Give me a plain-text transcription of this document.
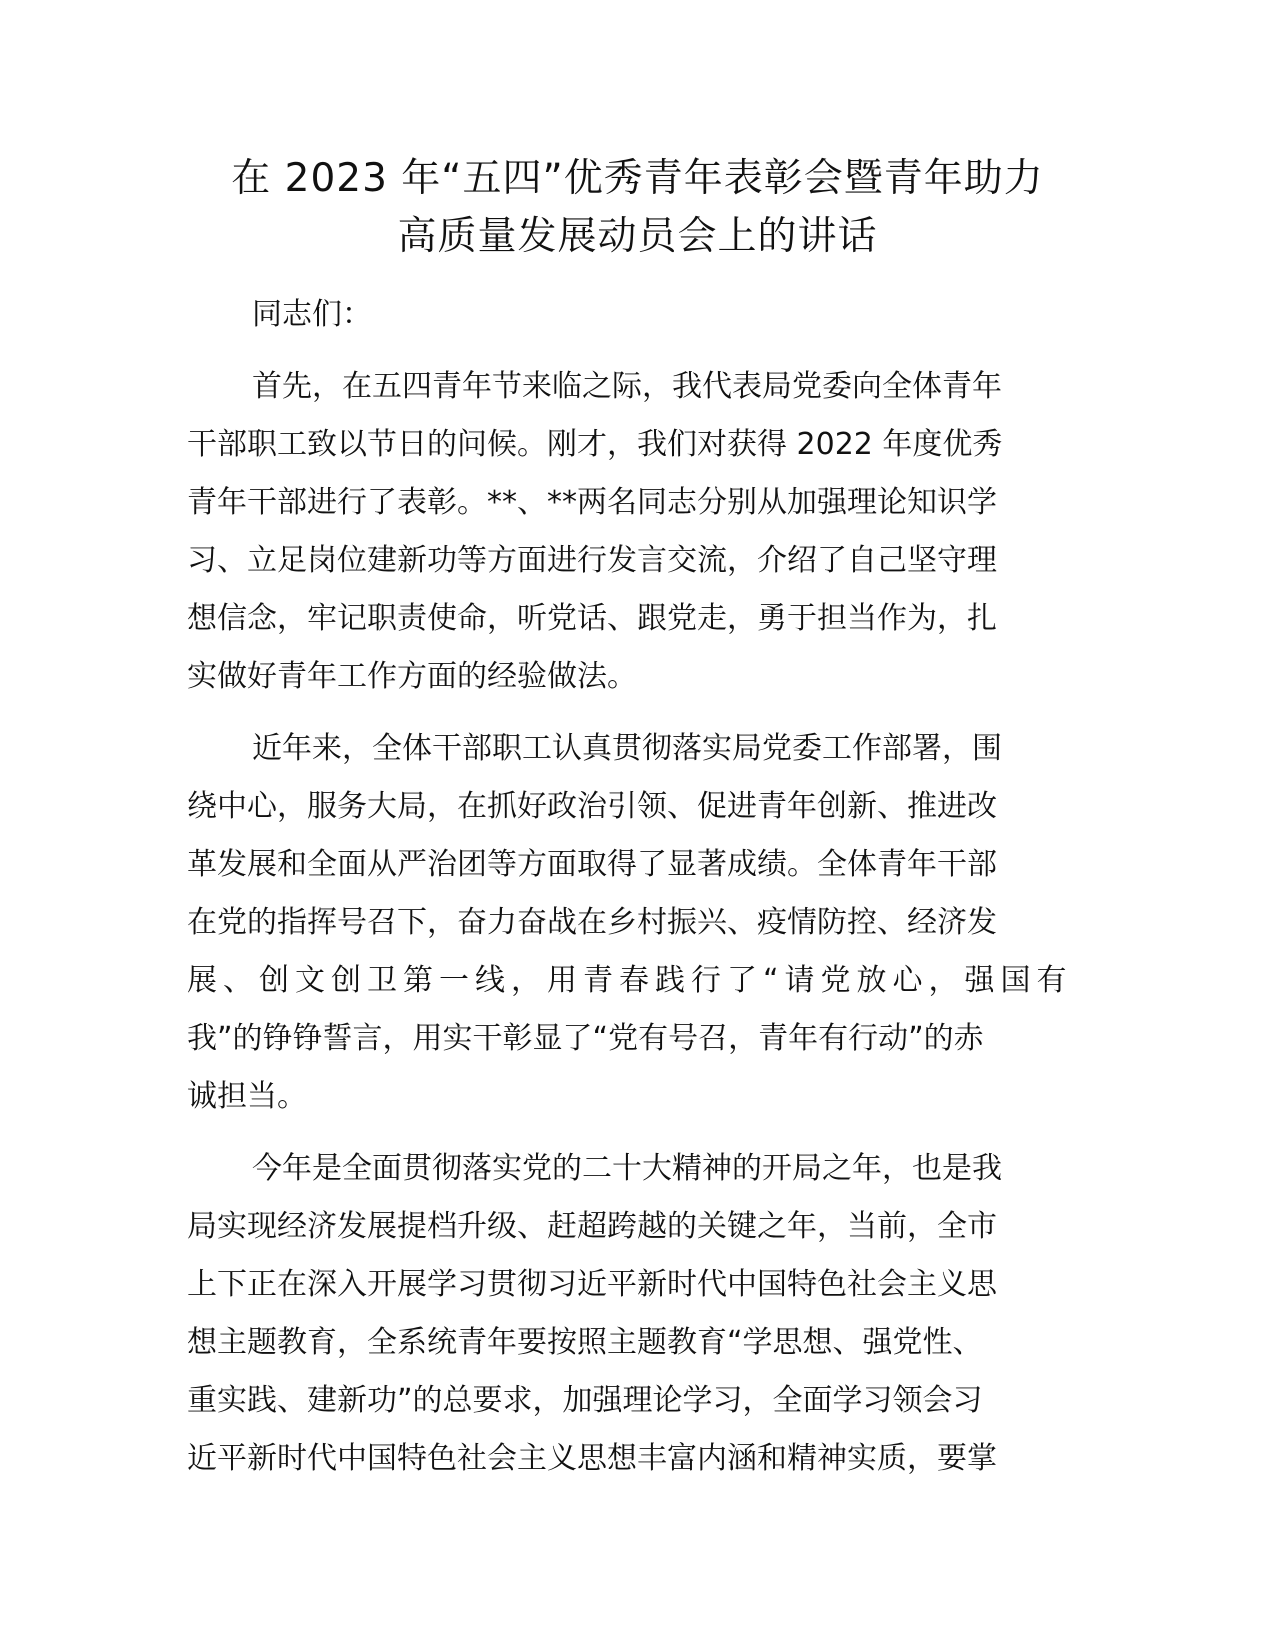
在 2023 年“五四”优秀青年表彰会暨青年助力
高质量发展动员会上的讲话
同志们：
首先，在五四青年节来临之际，我代表局党委向全体青年
干部职工致以节日的问候。刚才，我们对获得 2022 年度优秀
青年干部进行了表彰。**、**两名同志分别从加强理论知识学
习、立足岗位建新功等方面进行发言交流，介绍了自己坚守理
想信念，牢记职责使命，听党话、跟党走，勇于担当作为，扎
实做好青年工作方面的经验做法。
近年来，全体干部职工认真贯彻落实局党委工作部署，围
绕中心，服务大局，在抓好政治引领、促进青年创新、推进改
革发展和全面从严治团等方面取得了显著成绩。全体青年干部
在党的指挥号召下，奋力奋战在乡村振兴、疫情防控、经济发
展、创文创卫第一线，用青春践行了“请党放心，强国有
我”的铮铮誓言，用实干彰显了“党有号召，青年有行动”的赤
诚担当。
今年是全面贯彻落实党的二十大精神的开局之年，也是我
局实现经济发展提档升级、赶超跨越的关键之年，当前，全市
上下正在深入开展学习贯彻习近平新时代中国特色社会主义思
想主题教育，全系统青年要按照主题教育“学思想、强党性、
重实践、建新功”的总要求，加强理论学习，全面学习领会习
近平新时代中国特色社会主义思想丰富内涵和精神实质，要掌
